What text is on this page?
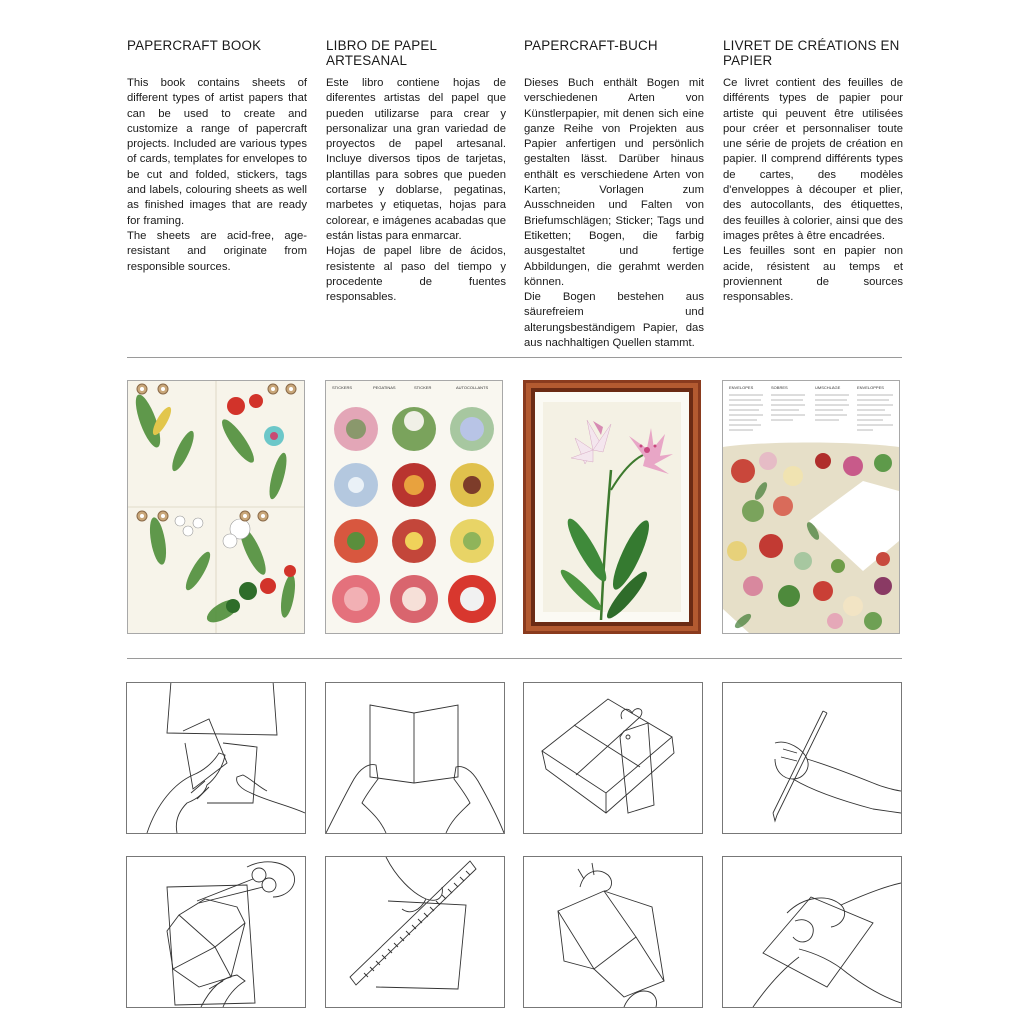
PAPERCRAFT BOOK

This book contains sheets of different types of artist papers that can be used to create and customize a range of papercraft projects. Included are various types of cards, templates for envelopes to be cut and folded, stickers, tags and labels, colouring sheets as well as finished images that are ready for framing.

The sheets are acid-free, age-resistant and originate from responsible sources.

LIBRO DE PAPEL ARTESANAL

Este libro contiene hojas de diferentes artistas del papel que pueden utilizarse para crear y personalizar una gran variedad de proyectos de papel artesanal. Incluye diversos tipos de tarjetas, plantillas para sobres que pueden cortarse y doblarse, pegatinas, marbetes y etiquetas, hojas para colorear, e imágenes acabadas que están listas para enmarcar.

Hojas de papel libre de ácidos, resistente al paso del tiempo y procedente de fuentes responsables.

PAPERCRAFT-BUCH

Dieses Buch enthält Bogen mit verschiedenen Arten von Künstlerpapier, mit denen sich eine ganze Reihe von Projekten aus Papier anfertigen und persönlich gestalten lässt. Darüber hinaus enthält es verschiedene Arten von Karten; Vorlagen zum Ausschneiden und Falten von Briefumschlägen; Sticker; Tags und Etiketten; Bogen, die farbig ausgestaltet und fertige Abbildungen, die gerahmt werden können.

Die Bogen bestehen aus säurefreiem und alterungsbeständigem Papier, das aus nachhaltigen Quellen stammt.

LIVRET DE CRÉATIONS EN PAPIER

Ce livret contient des feuilles de différents types de papier pour artiste qui peuvent être utilisées pour créer et personnaliser toute une série de projets de création en papier. Il comprend différents types de cartes, des modèles d'enveloppes à découper et plier, des autocollants, des étiquettes, des feuilles à colorier, ainsi que des images prêtes à être encadrées.

Les feuilles sont en papier non acide, résistent au temps et proviennent de sources responsables.

STICKERS	PEGATINAS	STICKER	AUTOCOLLANTS	ENVELOPES	SOBRES	UMSCHLÄGE	ENVELOPPES
